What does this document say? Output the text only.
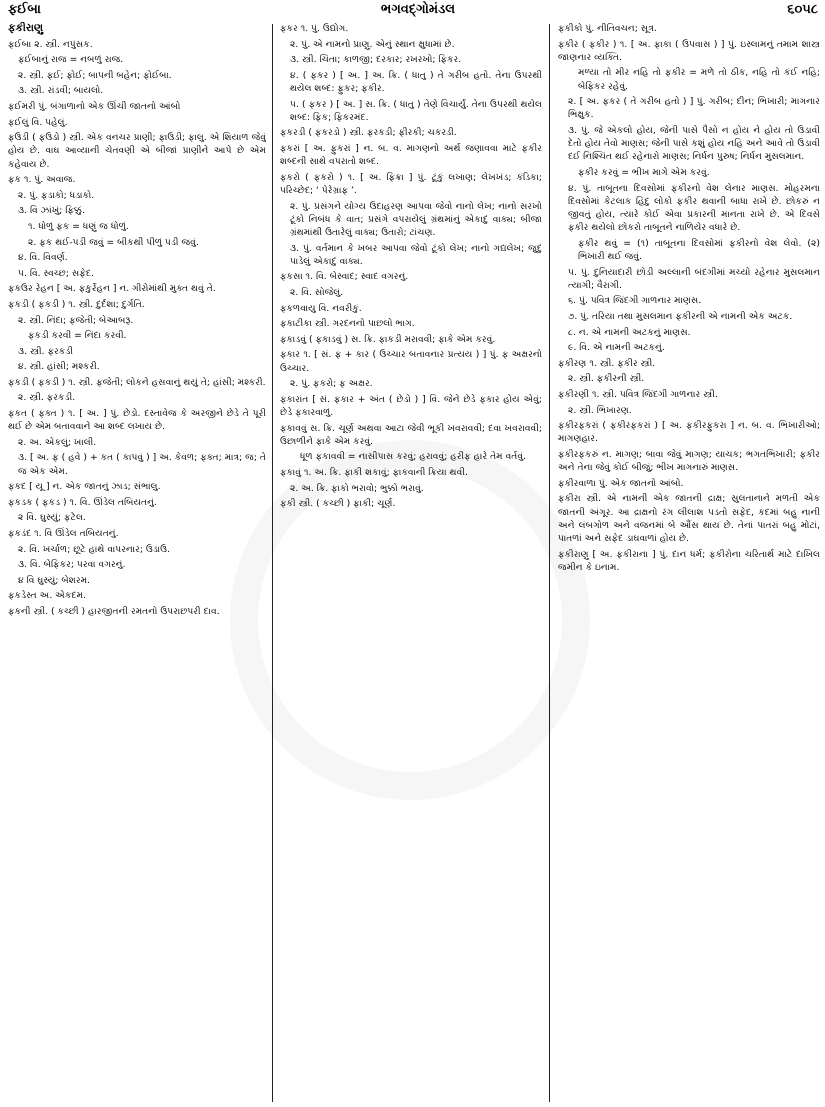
ફઈબા	ભગવદ્ગોમંડલ	૬૦૫૮

ફકીરાણુ

ફઈબા ૨. સ્ત્રી. નપુંસક.

ફઈબાનું રાજ = નબળું રાજ.

૨. સ્ત્રી. ફઈ; ફોઈ; બાપની બહેન; ફોઈબા.

૩. સ્ત્રી. રાંડવી; બાયલો.

ફઈમરી પું. બંગાળાનો એક ઊંચી જાતનો આંબો

ફઈલું વિ. પહેલું.

ફઉડી ( ફઉડો ) સ્ત્રી. એક વનચર પ્રાણી; ફાઉડી; ફાલુ. એ શિયાળ જેવું હોય છે. વાઘ આવ્યાની ચેતવણી એ બીજાં પ્રાણીને આપે છે એમ કહેવાય છે.

ફક ૧. પું. અવાજ.

૨. પું. ફડાકો; ધડાકો.

૩. વિ ઝાંખું; ફિક્કું.

૧. ધોળું ફક = ધણું જ ધોળું.

૨. ફક થઈ-પડી જવું = બીકથી પીળું પડી જવું.

૪. વિ. વિવર્ણ.

૫. વિ. સ્વચ્છ; સફેદ.

ફકઉર રેહન [ અ. ફકુર્રેહન ] ન. ગીરોમાંથી મુક્ત થવું તે.

ફકડી ( ફકડી ) ૧. સ્ત્રી. દુર્દશા; દુર્ગતિ.

૨. સ્ત્રી. નિંદા; ફજેતી; બેઆબરૂ.

ફકડી કરવી = નિંદા કરવી.

૩. સ્ત્રી. ફરકડી

૪. સ્ત્રી. હાંસી; મશ્કરી.

ફકડી ( ફકડી ) ૧. સ્ત્રી. ફજેતી; લોકને હસવાનું થયું તે; હાંસી; મશ્કરી.

૨. સ્ત્રી. ફરકડી.

ફકત ( ફક્ત ) ૧. [ અ. ] પું. છેડો. દસ્તાવેજ કે અરજીને છેડે તે પૂરી થઈ છે એમ બતાવવાને આ શબ્દ લખાય છે.

૨. અ. એકલું; ખાલી.

૩. [ અ. ફ ( હવે ) + કત ( કાપવું ) ] અ. કેવળ; ફક્ત; માત્ર; જ; તે જ એક એમ.

ફકદ [ યૂ ] ન. એક જાતનું ઝાડ; સંભાલુ.

ફકડક ( ફકડ ) ૧. વિ. ઊંડેલ તબિયતનું.

૨ વિ. ઘુસ્યું; ફટેલ.

ફકડંદ ૧. વિ ઊંડેલ તબિયતનું.

૨. વિ. ખર્ચાળ; છૂટે હાથે વાપરનાર; ઉડાઉ.

૩. વિ. બેફિકર; પરવા વગરનું.

૪ વિ ઘુસ્યું; બેશરમ.

ફકડેસ્ત અ. એકદમ.

ફકની સ્ત્રી. ( કચ્છી ) હારજીતની રમતનો ઉપરાછપરી દાવ.

ફકર ૧. પું. ઉદ્યોગ.

૨. પું. એ નામનો પ્રાણુ. એનું સ્થાન ક્ષુધામાં છે.

૩. સ્ત્રી. ચિંતા; કાળજી; દરકાર; રખરખો; ફિકર.

૪. ( ફકર ) [ અ. ] અ. ક્રિ. ( ધાતુ ) તે ગરીબ હતો. તેના ઉપરથી થયેલ શબ્દ: ફુકર; ફકીર.

૫. ( ફકર ) [ અ. ] સ. ક્રિ. ( ધાતુ ) તેણે વિચાર્યું. તેના ઉપરથી થયેલ શબ્દ: ફિક; ફિકરમંદ.

ફકરડી ( ફકરડો ) સ્ત્રી. ફરકડી; ફીરકી; ચકરડી.

ફકરાં [ અ. ફુકરાં ] ન. બ. વ. માગણનો અર્થ જણાવવા માટે ફકીર શબ્દની સાથે વપરાતો શબ્દ.

ફકરો ( ફકરો ) ૧. [ અ. ફિક્રા ] પું. ટૂંકું લખાણ; લેખખંડ; કંડિકા; પરિચ્છેદ; ‘ પેરેગ્રાફ ’.

૨. પું. પ્રસંગને યોગ્ય ઉદાહરણ આપવા જેવો નાનો લેખ; નાનો સરખો ટૂંકો નિબંધ કે વાત; પ્રસંગે વપરાયેલું ગ્રંથમાંનું એકાદું વાક્ય; બીજા ગ્રંથમાંથી ઉતારેલું વાક્ય; ઉતારો; ટાંચણ.

૩. પું. વર્તમાન કે ખબર આપવા જેવો ટૂંકો લેખ; નાનો ગદ્યલેખ; જુદું પાડેલું એકાદું વાક્ય.

ફકસા ૧. વિ. બેસ્વાદ; સ્વાદ વગરનું.

૨. વિ. સોજેલું.

ફકળવાયુ વિ. નવરીકું.

ફકાટીકા સ્ત્રી. ગરદનનો પાછલો ભાગ.

ફકાડવું ( ફકાડવું ) સ. ક્રિ. ફાકડી મરાવવી; ફાકે એમ કરવું.

ફકાર ૧. [ સં. ફ + કાર ( ઉચ્ચાર બતાવનાર પ્રત્યય ) ] પું. ફ અક્ષરનો ઉચ્ચાર.

૨. પું. ફકરો; ફ અક્ષર.

ફકારાંત [ સં. ફકાર + અંત ( છેડો ) ] વિ. જેને છેડે ફકાર હોય એવું; છેડે ફકારવાળું.

ફકાવવું સ. ક્રિ. ચૂર્ણ અથવા આટા જેવી ભૂકી ખવરાવવી; દવા ખવરાવવી; ઉછાળીને ફાકે એમ કરવું.

ધૂળ ફકાવવી = નાસીપાસ કરવું; હરાવવું; હરીફ હારે તેમ વર્તવું.

ફકાવું ૧. અ. ક્રિ. ફાકી શકાવું; ફાકવાની ક્રિયા થવી.

૨. અ. ક્રિ. ફાકો ભરાવો; ભુક્કો ભરાવું.

ફકી સ્ત્રી. ( કચ્છી ) ફાકી; ચૂર્ણ.

ફકીકો પું. નીતિવચન; સૂત્ર.

ફકીર ( ફકીર ) ૧. [ અ. ફાકા ( ઉપવાસ ) ] પું. ઇસ્લામનું તમામ શાસ્ત્ર જાણનાર વ્યક્તિ.

મળ્યા તો મીર નહિ તો ફકીર = મળે તો ઠીક, નહિ તો કંઈ નહિ; બેફિકર રહેવું.

૨. [ અ. ફકર ( તે ગરીબ હતો ) ] પું. ગરીબ; દીન; ભિખારી; માગનાર ભિક્ષુક.

૩. પું. જે એકલો હોય, જેની પાસે પૈસો ન હોય ને હોય તો ઉડાવી દેતો હોય તેવો માણસ; જેની પાસે કશું હોય નહિ અને આવે તો ઉડાવી દઈ નિશ્ચિંત થઈ રહેનારો માણસ; નિર્ધન પુરુષ; નિર્ધન મુસલમાન.

ફકીર કરવું = ભીખ માગે એમ કરવું.

૪. પું. તાબૂતના દિવસોમાં ફકીરનો વેશ લેનાર માણસ. મોહરમના દિવસોમાં કેટલાક હિંદુ લોકો ફકીર થવાની બાધા રાખે છે. છોકરું ન જીવતું હોય, ત્યારે કોઈ એવા પ્રકારની માનતા રાખે છે. એ દિવસે ફકીર થયેલો છોકરો તાબૂતને નાળિયેર વધારે છે.

ફકીર થવું = (૧) તાબૂતના દિવસોમાં ફકીરનો વેશ લેવો. (૨) ભિખારી થઈ જવું.

૫. પું. દુનિયાદારી છોડી અલ્લાની બંદગીમાં મચ્યો રહેનાર મુસલમાન ત્યાગી; વૈરાગી.

૬. પું. પવિત્ર જિંદગી ગાળનાર માણસ.

૭. પું. તરિયા તથા મુસલમાન ફકીરની એ નામની એક અટક.

૮. ન. એ નામની અટકનું માણસ.

૯. વિ. એ નામની અટકનું.

ફકીરણ ૧. સ્ત્રી. ફકીર સ્ત્રી.

૨. સ્ત્રી. ફકીરની સ્ત્રી.

ફકીરણી ૧. સ્ત્રી. પવિત્ર જિંદગી ગાળનાર સ્ત્રી.

૨. સ્ત્રી. ભિખારણ.

ફકીરફકરાં ( ફકીરફકરાં ) [ અ. ફકીરફુકરા ] ન. બ. વ. ભિખારીઓ; માગણહાર.

ફકીરફકરું ન. માગણ; બાવા જેવું માગણ; યાચક; ભગતભિખારી; ફકીર અને તેના જેવું કોઈ બીજું; ભીખ માગનારું માણસ.

ફકીરવાળા પું. એક જાતનો આંબો.

ફકીરા સ્ત્રી. એ નામની એક જાતની દ્રાક્ષ; સુલતાનાને મળતી એક જાતની અંગૂર. આ દ્રાક્ષનો રંગ લીલાશ પડતો સફેદ, કદમાં બહુ નાની અને લંબગોળ અને વજનમાં બે ઔંસ થાય છે. તેનાં પાતરાં બહુ મોટાં, પાતળાં અને સફેદ ડાઘવાળાં હોય છે.

ફકીરાણુ [ અ. ફકીરાના ] પું. દાન ધર્મ; ફકીરોના ચરિતાર્થ માટે દાખિલ જમીન કે ઇનામ.
